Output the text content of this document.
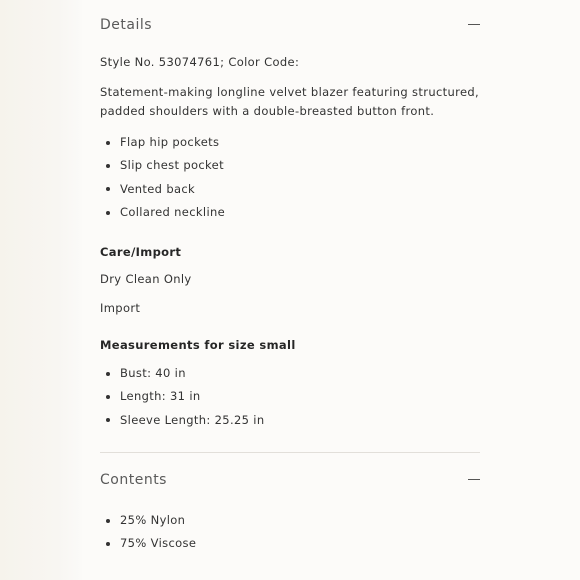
Details
Style No. 53074761; Color Code:
Statement-making longline velvet blazer featuring structured,
padded shoulders with a double-breasted button front.
Flap hip pockets
Slip chest pocket
Vented back
Collared neckline
Care/Import
Dry Clean Only
Import
Measurements for size small
Bust: 40 in
Length: 31 in
Sleeve Length: 25.25 in
Contents
25% Nylon
75% Viscose
